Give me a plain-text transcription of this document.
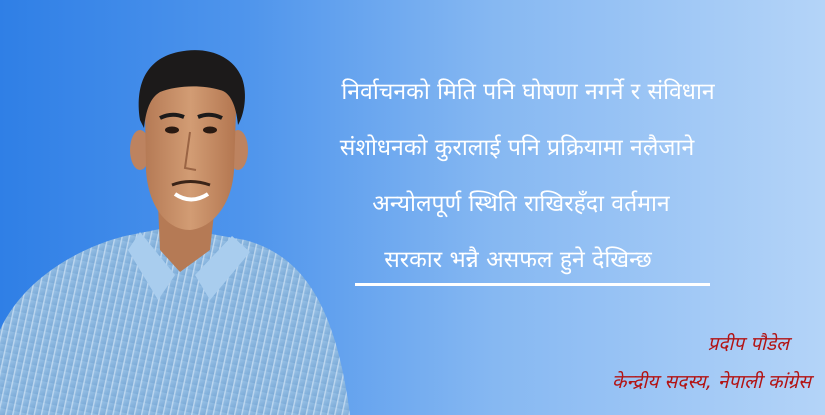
निर्वाचनको मिति पनि घोषणा नगर्ने र संविधान
संशोधनको कुरालाई पनि प्रक्रियामा नलैजाने
अन्योलपूर्ण स्थिति राखिरहँदा वर्तमान
सरकार भन्नै असफल हुने देखिन्छ
प्रदीप पौडेल
केन्द्रीय सदस्य, नेपाली कांग्रेस
